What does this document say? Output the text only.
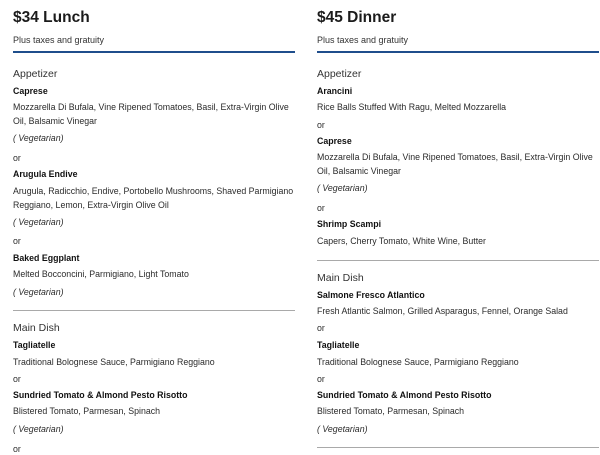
$34 Lunch
Plus taxes and gratuity
Appetizer
Caprese
Mozzarella Di Bufala, Vine Ripened Tomatoes, Basil, Extra-Virgin Olive Oil, Balsamic Vinegar
( Vegetarian)
or
Arugula Endive
Arugula, Radicchio, Endive, Portobello Mushrooms, Shaved Parmigiano Reggiano, Lemon, Extra-Virgin Olive Oil
( Vegetarian)
or
Baked Eggplant
Melted Bocconcini, Parmigiano, Light Tomato
( Vegetarian)
Main Dish
Tagliatelle
Traditional Bolognese Sauce, Parmigiano Reggiano
or
Sundried Tomato & Almond Pesto Risotto
Blistered Tomato, Parmesan, Spinach
( Vegetarian)
or
$45 Dinner
Plus taxes and gratuity
Appetizer
Arancini
Rice Balls Stuffed With Ragu, Melted Mozzarella
or
Caprese
Mozzarella Di Bufala, Vine Ripened Tomatoes, Basil, Extra-Virgin Olive Oil, Balsamic Vinegar
( Vegetarian)
or
Shrimp Scampi
Capers, Cherry Tomato, White Wine, Butter
Main Dish
Salmone Fresco Atlantico
Fresh Atlantic Salmon, Grilled Asparagus, Fennel, Orange Salad
or
Tagliatelle
Traditional Bolognese Sauce, Parmigiano Reggiano
or
Sundried Tomato & Almond Pesto Risotto
Blistered Tomato, Parmesan, Spinach
( Vegetarian)
